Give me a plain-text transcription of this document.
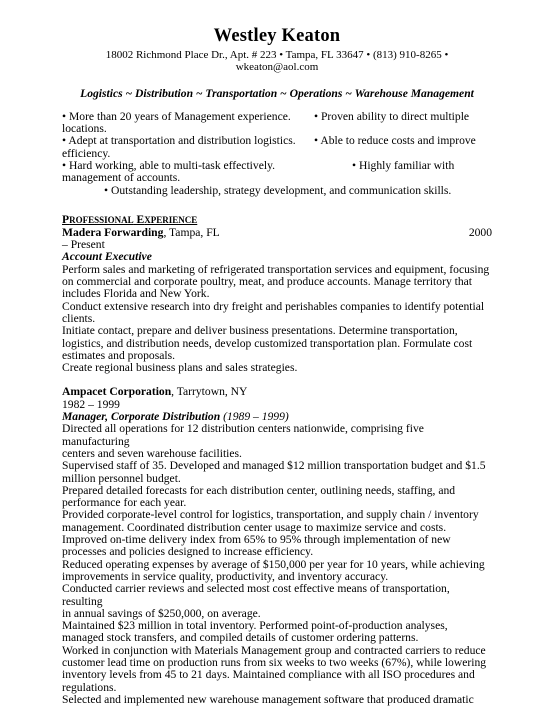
Westley Keaton
18002 Richmond Place Dr., Apt. # 223 • Tampa, FL 33647 • (813) 910-8265 •
wkeaton@aol.com
Logistics ~ Distribution ~ Transportation ~ Operations ~ Warehouse Management
• More than 20 years of Management experience.	• Proven ability to direct multiple
locations.
• Adept at transportation and distribution logistics.	• Able to reduce costs and improve
efficiency.
• Hard working, able to multi-task effectively.	• Highly familiar with
management of accounts.
• Outstanding leadership, strategy development, and communication skills.
PROFESSIONAL EXPERIENCE
Madera Forwarding, Tampa, FL	2000
– Present
Account Executive
Perform sales and marketing of refrigerated transportation services and equipment, focusing
on commercial and corporate poultry, meat, and produce accounts. Manage territory that
includes Florida and New York.
Conduct extensive research into dry freight and perishables companies to identify potential
clients.
Initiate contact, prepare and deliver business presentations. Determine transportation,
logistics, and distribution needs, develop customized transportation plan. Formulate cost
estimates and proposals.
Create regional business plans and sales strategies.
Ampacet Corporation, Tarrytown, NY
1982 – 1999
Manager, Corporate Distribution (1989 – 1999)
Directed all operations for 12 distribution centers nationwide, comprising five manufacturing
centers and seven warehouse facilities.
Supervised staff of 35. Developed and managed $12 million transportation budget and $1.5
million personnel budget.
Prepared detailed forecasts for each distribution center, outlining needs, staffing, and
performance for each year.
Provided corporate-level control for logistics, transportation, and supply chain / inventory
management. Coordinated distribution center usage to maximize service and costs.
Improved on-time delivery index from 65% to 95% through implementation of new
processes and policies designed to increase efficiency.
Reduced operating expenses by average of $150,000 per year for 10 years, while achieving
improvements in service quality, productivity, and inventory accuracy.
Conducted carrier reviews and selected most cost effective means of transportation, resulting
in annual savings of $250,000, on average.
Maintained $23 million in total inventory. Performed point-of-production analyses,
managed stock transfers, and compiled details of customer ordering patterns.
Worked in conjunction with Materials Management group and contracted carriers to reduce
customer lead time on production runs from six weeks to two weeks (67%), while lowering
inventory levels from 45 to 21 days. Maintained compliance with all ISO procedures and
regulations.
Selected and implemented new warehouse management software that produced dramatic
